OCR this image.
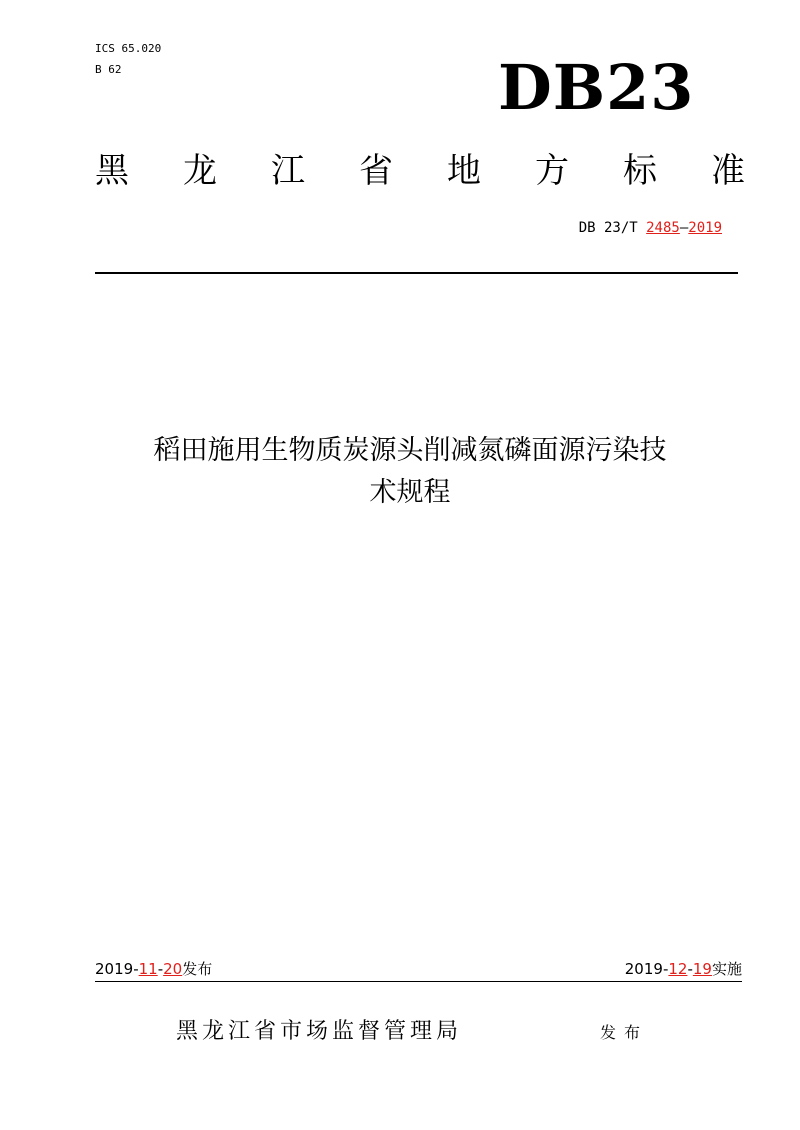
ICS 65.020
B 62	DB23
黑 龙 江 省 地 方 标 准
DB 23/T 2485—2019
稻田施用生物质炭源头削减氮磷面源污染技
术规程
2019-11-20发布	2019-12-19实施
黑龙江省市场监督管理局	发布
